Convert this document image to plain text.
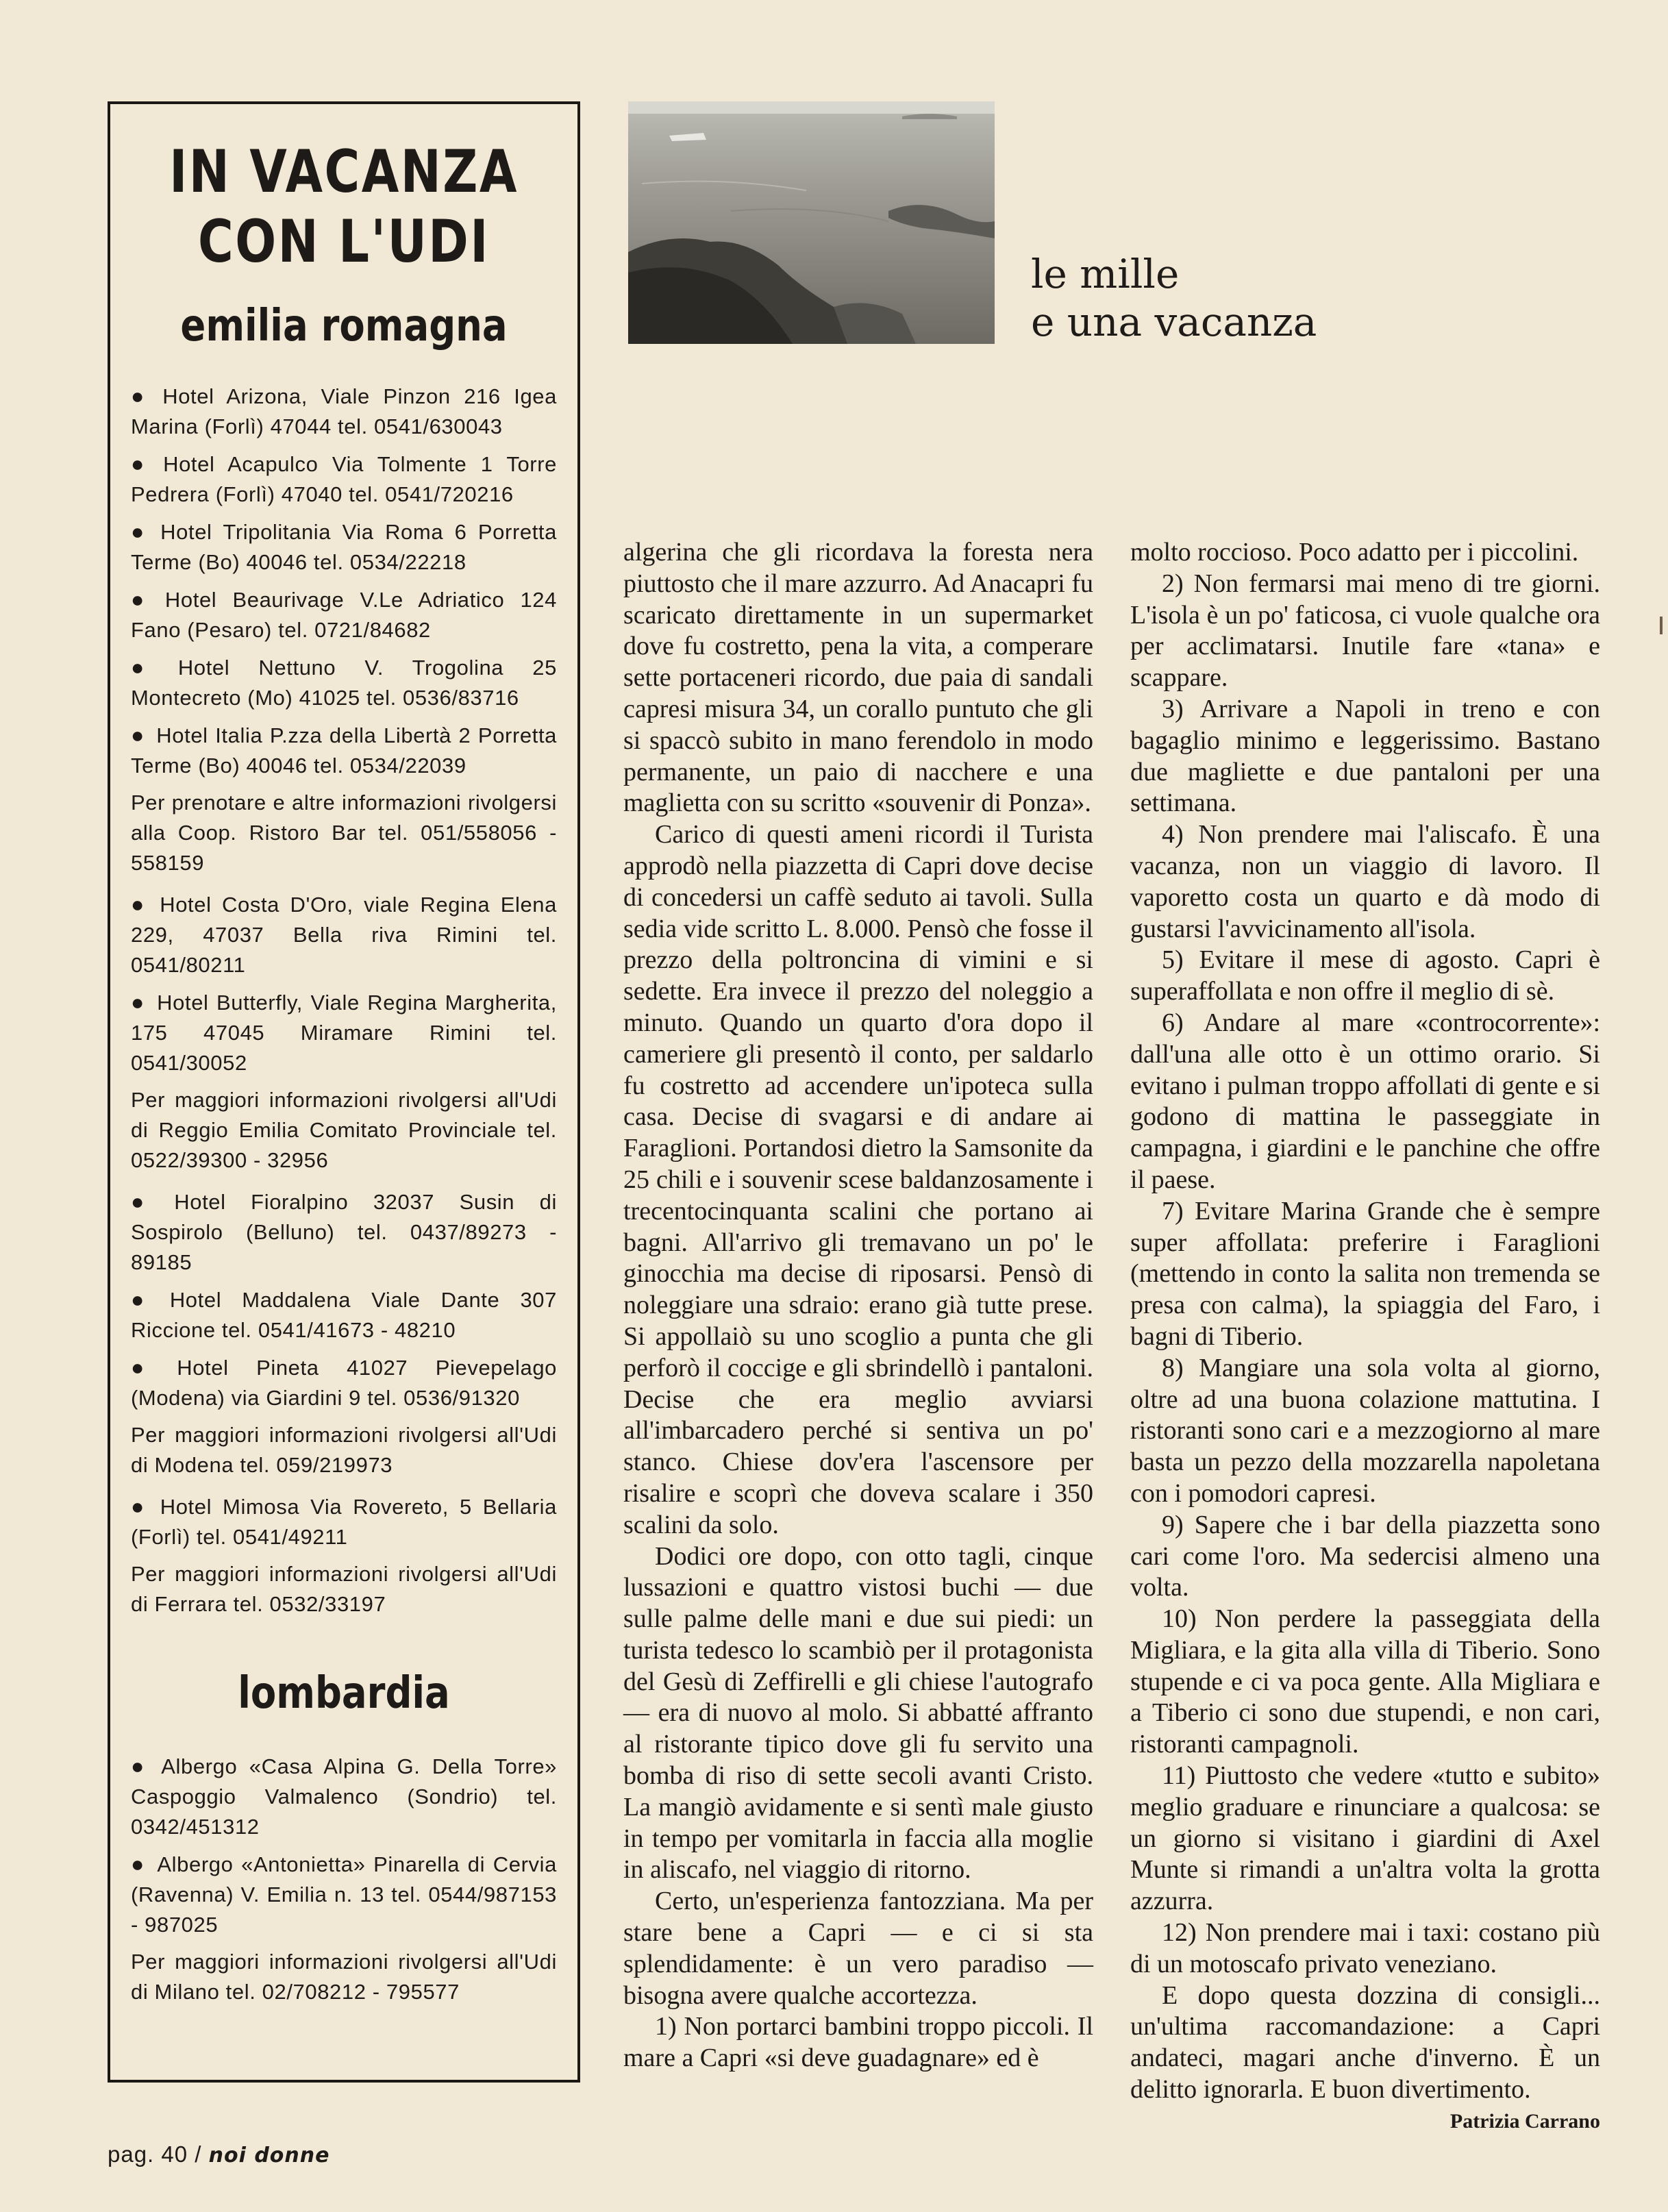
IN VACANZA
CON L'UDI
emilia romagna
● Hotel Arizona, Viale Pinzon 216 Igea Marina (Forlì) 47044 tel. 0541/630043
● Hotel Acapulco Via Tolmente 1 Torre Pedrera (Forlì) 47040 tel. 0541/720216
● Hotel Tripolitania Via Roma 6 Porretta Terme (Bo) 40046 tel. 0534/22218
● Hotel Beaurivage V.Le Adriatico 124 Fano (Pesaro) tel. 0721/84682
● Hotel Nettuno V. Trogolina 25 Montecreto (Mo) 41025 tel. 0536/83716
● Hotel Italia P.zza della Libertà 2 Porretta Terme (Bo) 40046 tel. 0534/22039
Per prenotare e altre informazioni rivolgersi alla Coop. Ristoro Bar tel. 051/558056 - 558159
● Hotel Costa D'Oro, viale Regina Elena 229, 47037 Bella riva Rimini tel. 0541/80211
● Hotel Butterfly, Viale Regina Margherita, 175 47045 Miramare Rimini tel. 0541/30052
Per maggiori informazioni rivolgersi all'Udi di Reggio Emilia Comitato Provinciale tel. 0522/39300 - 32956
● Hotel Fioralpino 32037 Susin di Sospirolo (Belluno) tel. 0437/89273 - 89185
● Hotel Maddalena Viale Dante 307 Riccione tel. 0541/41673 - 48210
● Hotel Pineta 41027 Pievepelago (Modena) via Giardini 9 tel. 0536/91320
Per maggiori informazioni rivolgersi all'Udi di Modena tel. 059/219973
● Hotel Mimosa Via Rovereto, 5 Bellaria (Forlì) tel. 0541/49211
Per maggiori informazioni rivolgersi all'Udi di Ferrara tel. 0532/33197
lombardia
● Albergo «Casa Alpina G. Della Torre» Caspoggio Valmalenco (Sondrio) tel. 0342/451312
● Albergo «Antonietta» Pinarella di Cervia (Ravenna) V. Emilia n. 13 tel. 0544/987153 - 987025
Per maggiori informazioni rivolgersi all'Udi di Milano tel. 02/708212 - 795577
le mille
e una vacanza

algerina che gli ricordava la foresta nera piuttosto che il mare azzurro. Ad Anacapri fu scaricato direttamente in un supermarket dove fu costretto, pena la vita, a comperare sette portaceneri ricordo, due paia di sandali capresi misura 34, un corallo puntuto che gli si spaccò subito in mano ferendolo in modo permanente, un paio di nacchere e una maglietta con su scritto «souvenir di Ponza».

Carico di questi ameni ricordi il Turista approdò nella piazzetta di Capri dove decise di concedersi un caffè seduto ai tavoli. Sulla sedia vide scritto L. 8.000. Pensò che fosse il prezzo della poltroncina di vimini e si sedette. Era invece il prezzo del noleggio a minuto. Quando un quarto d'ora dopo il cameriere gli presentò il conto, per saldarlo fu costretto ad accendere un'ipoteca sulla casa. Decise di svagarsi e di andare ai Faraglioni. Portandosi dietro la Samsonite da 25 chili e i souvenir scese baldanzosamente i trecentocinquanta scalini che portano ai bagni. All'arrivo gli tremavano un po' le ginocchia ma decise di riposarsi. Pensò di noleggiare una sdraio: erano già tutte prese. Si appollaiò su uno scoglio a punta che gli perforò il coccige e gli sbrindellò i pantaloni. Decise che era meglio avviarsi all'imbarcadero perché si sentiva un po' stanco. Chiese dov'era l'ascensore per risalire e scoprì che doveva scalare i 350 scalini da solo.

Dodici ore dopo, con otto tagli, cinque lussazioni e quattro vistosi buchi — due sulle palme delle mani e due sui piedi: un turista tedesco lo scambiò per il protagonista del Gesù di Zeffirelli e gli chiese l'autografo — era di nuovo al molo. Si abbatté affranto al ristorante tipico dove gli fu servito una bomba di riso di sette secoli avanti Cristo. La mangiò avidamente e si sentì male giusto in tempo per vomitarla in faccia alla moglie in aliscafo, nel viaggio di ritorno.

Certo, un'esperienza fantozziana. Ma per stare bene a Capri — e ci si sta splendidamente: è un vero paradiso — bisogna avere qualche accortezza.

1) Non portarci bambini troppo piccoli. Il mare a Capri «si deve guadagnare» ed è

molto roccioso. Poco adatto per i piccolini.

2) Non fermarsi mai meno di tre giorni. L'isola è un po' faticosa, ci vuole qualche ora per acclimatarsi. Inutile fare «tana» e scappare.

3) Arrivare a Napoli in treno e con bagaglio minimo e leggerissimo. Bastano due magliette e due pantaloni per una settimana.

4) Non prendere mai l'aliscafo. È una vacanza, non un viaggio di lavoro. Il vaporetto costa un quarto e dà modo di gustarsi l'avvicinamento all'isola.

5) Evitare il mese di agosto. Capri è superaffollata e non offre il meglio di sè.

6) Andare al mare «controcorrente»: dall'una alle otto è un ottimo orario. Si evitano i pulman troppo affollati di gente e si godono di mattina le passeggiate in campagna, i giardini e le panchine che offre il paese.

7) Evitare Marina Grande che è sempre super affollata: preferire i Faraglioni (mettendo in conto la salita non tremenda se presa con calma), la spiaggia del Faro, i bagni di Tiberio.

8) Mangiare una sola volta al giorno, oltre ad una buona colazione mattutina. I ristoranti sono cari e a mezzogiorno al mare basta un pezzo della mozzarella napoletana con i pomodori capresi.

9) Sapere che i bar della piazzetta sono cari come l'oro. Ma sedercisi almeno una volta.

10) Non perdere la passeggiata della Migliara, e la gita alla villa di Tiberio. Sono stupende e ci va poca gente. Alla Migliara e a Tiberio ci sono due stupendi, e non cari, ristoranti campagnoli.

11) Piuttosto che vedere «tutto e subito» meglio graduare e rinunciare a qualcosa: se un giorno si visitano i giardini di Axel Munte si rimandi a un'altra volta la grotta azzurra.

12) Non prendere mai i taxi: costano più di un motoscafo privato veneziano.

E dopo questa dozzina di consigli... un'ultima raccomandazione: a Capri andateci, magari anche d'inverno. È un delitto ignorarla. E buon divertimento.

Patrizia Carrano

pag. 40 / noi donne
